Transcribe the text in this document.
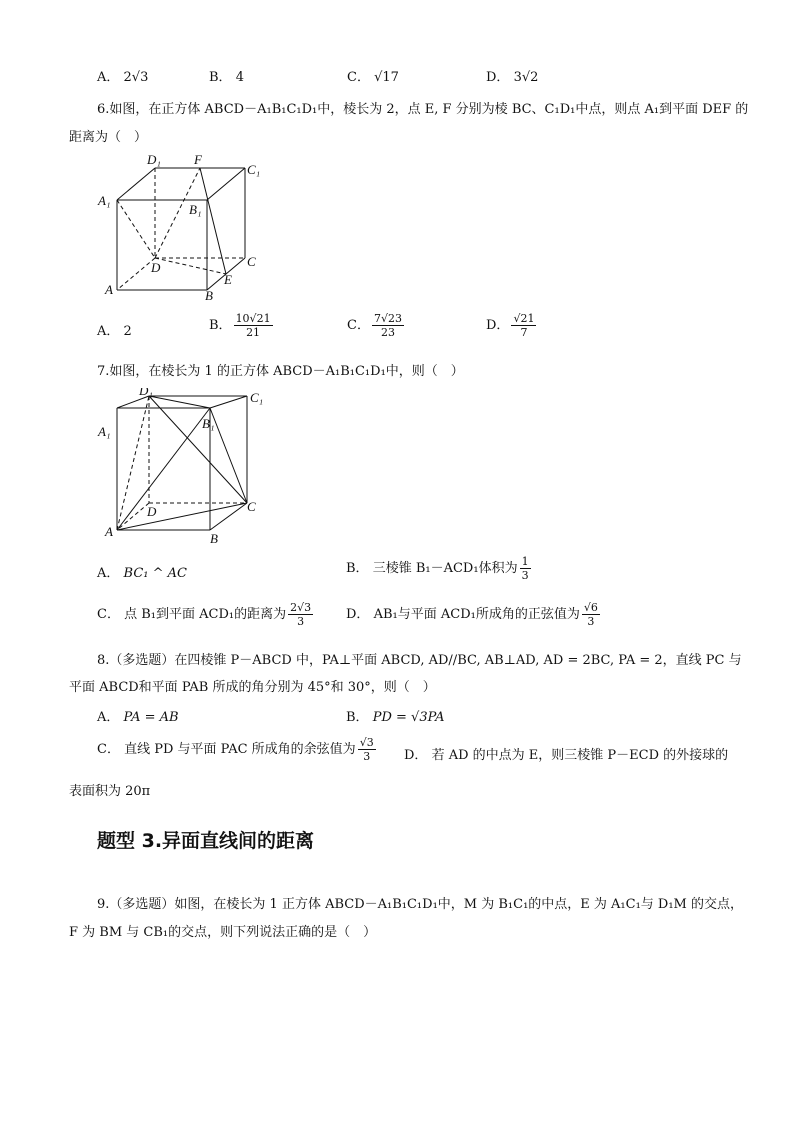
A． 2√3	B． 4	C． √17	D． 3√2
6.如图，在正方体 ABCD－A₁B₁C₁D₁中，棱长为 2，点 E, F 分别为棱 BC、C₁D₁中点，则点 A₁到平面 DEF 的
距离为（　）
D₁	F
C₁
A₁
B₁
D	C
E
A	B
A． 2	B． $\frac{10√21}{21}$	C． $\frac{7√23}{23}$	D． $\frac{√21}{7}$
7.如图，在棱长为 1 的正方体 ABCD－A₁B₁C₁D₁中，则（　）
D₁	C₁
A₁
B₁
D	C
A	B
A． BC₁ ^ AC	B． 三棱锥 B₁－ACD₁体积为 $\frac{1}{3}$
C． 点 B₁到平面 ACD₁的距离为 $\frac{2√3}{3}$	D． AB₁与平面 ACD₁所成角的正弦值为 $\frac{√6}{3}$
8.（多选题）在四棱锥 P－ABCD 中，PA⊥平面 ABCD, AD//BC, AB⊥AD, AD = 2BC, PA = 2，直线 PC 与
平面 ABCD和平面 PAB 所成的角分别为 45°和 30°，则（　）
A． PA = AB	B． PD = √3PA
C． 直线 PD 与平面 PAC 所成角的余弦值为 $\frac{√3}{3}$ D． 若 AD 的中点为 E，则三棱锥 P－ECD 的外接球的
表面积为 20π
题型 3.异面直线间的距离
9.（多选题）如图，在棱长为 1 正方体 ABCD－A₁B₁C₁D₁中，M 为 B₁C₁的中点，E 为 A₁C₁与 D₁M 的交点，
F 为 BM 与 CB₁的交点，则下列说法正确的是（　）
